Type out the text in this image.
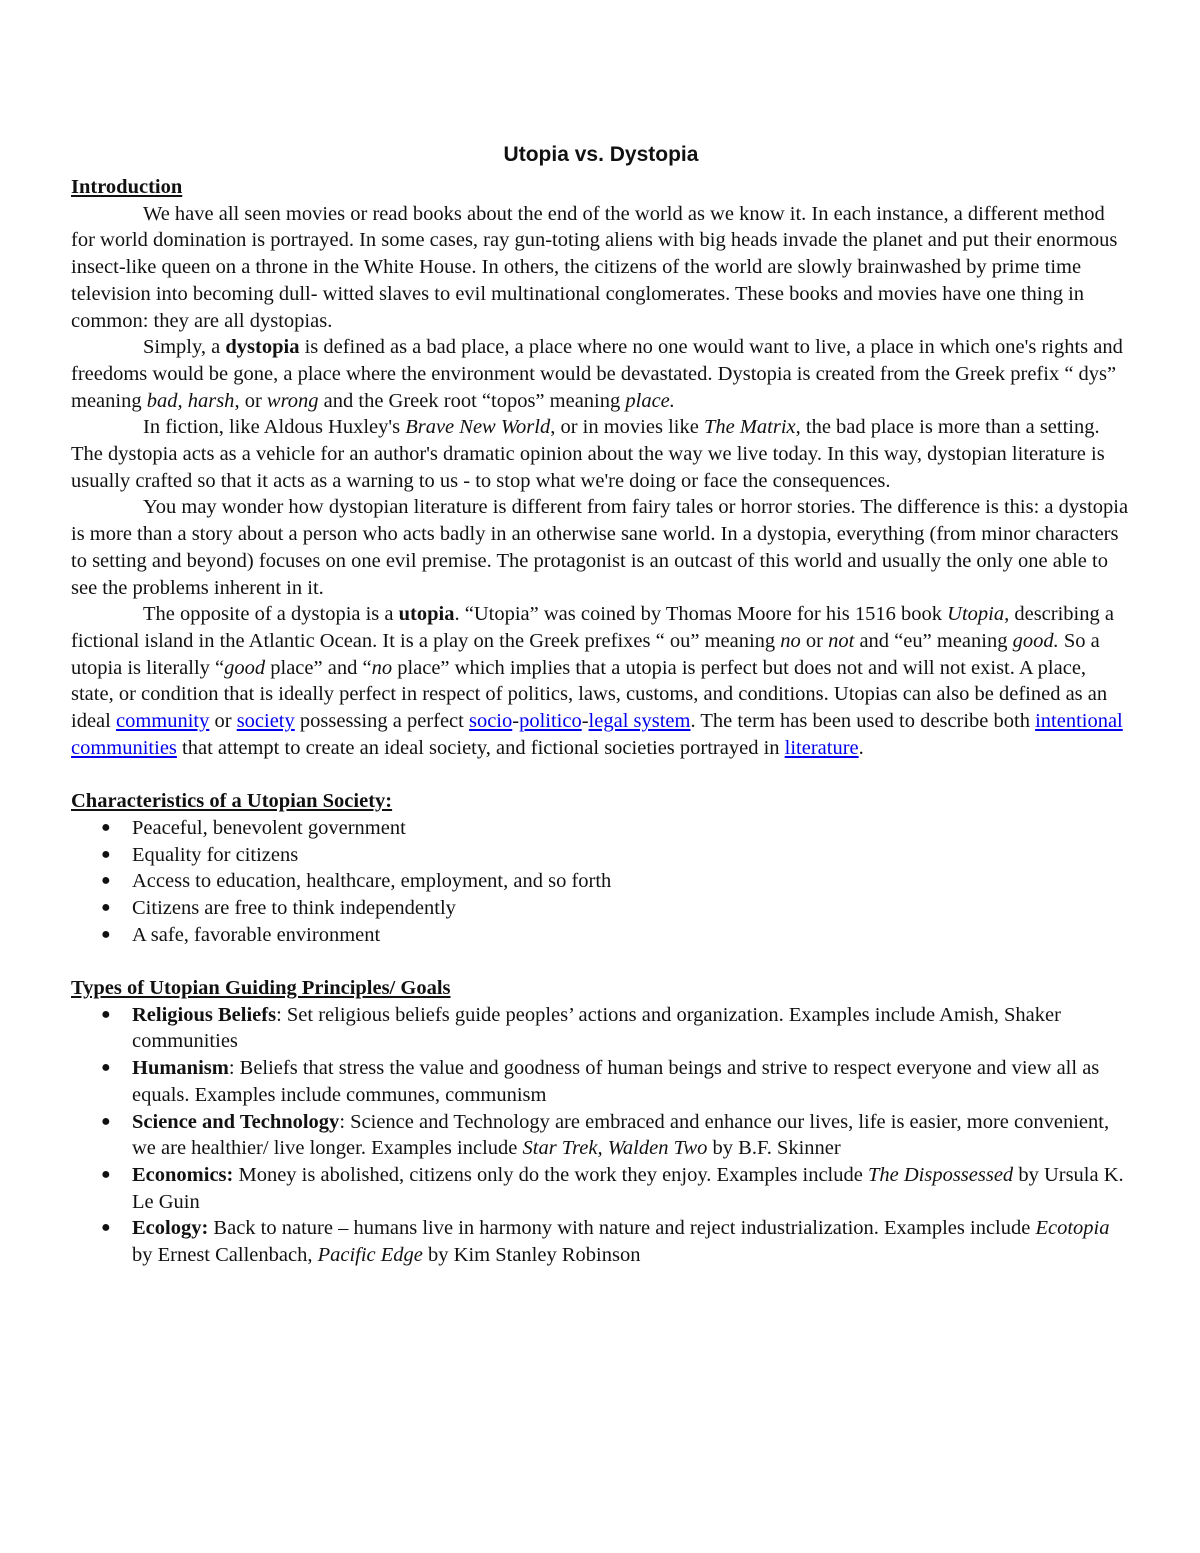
Utopia vs. Dystopia
Introduction

We have all seen movies or read books about the end of the world as we know it. In each instance, a different method for world domination is portrayed. In some cases, ray gun-toting aliens with big heads invade the planet and put their enormous insect-like queen on a throne in the White House. In others, the citizens of the world are slowly brainwashed by prime time television into becoming dull- witted slaves to evil multinational conglomerates. These books and movies have one thing in common: they are all dystopias.

Simply, a dystopia is defined as a bad place, a place where no one would want to live, a place in which one's rights and freedoms would be gone, a place where the environment would be devastated. Dystopia is created from the Greek prefix “ dys” meaning bad, harsh, or wrong and the Greek root “topos” meaning place.

In fiction, like Aldous Huxley's Brave New World, or in movies like The Matrix, the bad place is more than a setting. The dystopia acts as a vehicle for an author's dramatic opinion about the way we live today. In this way, dystopian literature is usually crafted so that it acts as a warning to us - to stop what we're doing or face the consequences.

You may wonder how dystopian literature is different from fairy tales or horror stories. The difference is this: a dystopia is more than a story about a person who acts badly in an otherwise sane world. In a dystopia, everything (from minor characters to setting and beyond) focuses on one evil premise. The protagonist is an outcast of this world and usually the only one able to see the problems inherent in it.

The opposite of a dystopia is a utopia. “Utopia” was coined by Thomas Moore for his 1516 book Utopia, describing a fictional island in the Atlantic Ocean. It is a play on the Greek prefixes “ ou” meaning no or not and “eu” meaning good. So a utopia is literally “good place” and “no place” which implies that a utopia is perfect but does not and will not exist. A place, state, or condition that is ideally perfect in respect of politics, laws, customs, and conditions. Utopias can also be defined as an ideal community or society possessing a perfect socio-politico-legal system. The term has been used to describe both intentional communities that attempt to create an ideal society, and fictional societies portrayed in literature.

Characteristics of a Utopian Society:
● Peaceful, benevolent government
● Equality for citizens
● Access to education, healthcare, employment, and so forth
● Citizens are free to think independently
● A safe, favorable environment
Types of Utopian Guiding Principles/ Goals
● Religious Beliefs: Set religious beliefs guide peoples’ actions and organization. Examples include Amish, Shaker communities
● Humanism: Beliefs that stress the value and goodness of human beings and strive to respect everyone and view all as equals. Examples include communes, communism
● Science and Technology: Science and Technology are embraced and enhance our lives, life is easier, more convenient, we are healthier/ live longer. Examples include Star Trek, Walden Two by B.F. Skinner
● Economics: Money is abolished, citizens only do the work they enjoy. Examples include The Dispossessed by Ursula K. Le Guin
● Ecology: Back to nature – humans live in harmony with nature and reject industrialization. Examples include Ecotopia by Ernest Callenbach, Pacific Edge by Kim Stanley Robinson
